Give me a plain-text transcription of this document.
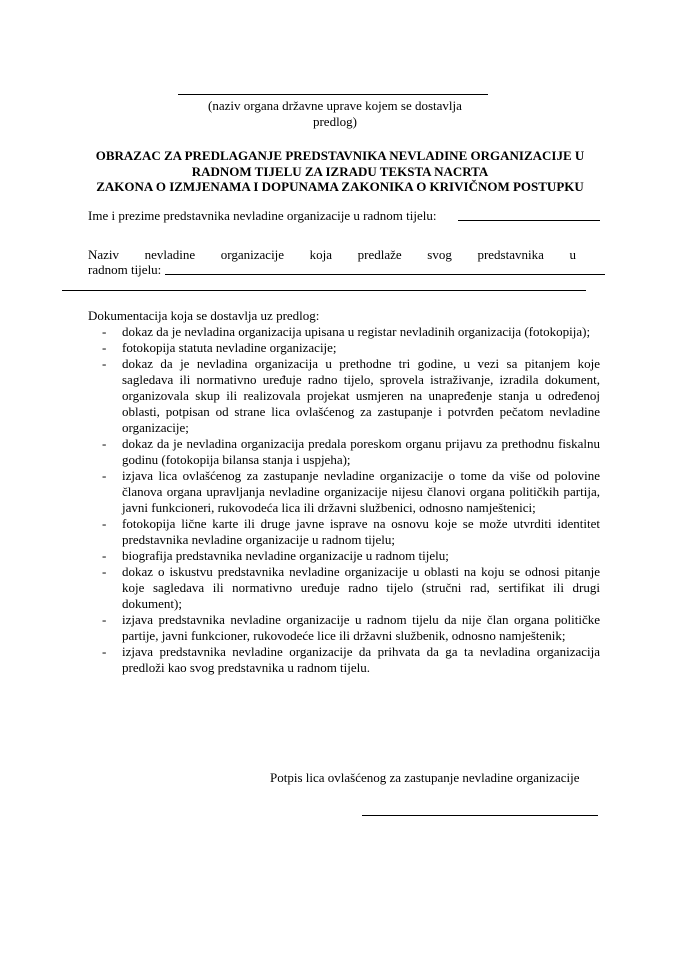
(naziv organa državne uprave kojem se dostavlja predlog)
OBRAZAC ZA PREDLAGANJE PREDSTAVNIKA NEVLADINE ORGANIZACIJE U
RADNOM TIJELU ZA IZRADU TEKSTA NACRTA
ZAKONA O IZMJENAMA I DOPUNAMA ZAKONIKA O KRIVIČNOM POSTUPKU
Ime i prezime predstavnika nevladine organizacije u radnom tijelu:
Naziv nevladine organizacije koja predlaže svog predstavnika u
radnom tijelu:
Dokumentacija koja se dostavlja uz predlog:
- dokaz da je nevladina organizacija upisana u registar nevladinih organizacija (fotokopija);
- fotokopija statuta nevladine organizacije;
- dokaz da je nevladina organizacija u prethodne tri godine, u vezi sa pitanjem koje sagledava ili normativno uređuje radno tijelo, sprovela istraživanje, izradila dokument, organizovala skup ili realizovala projekat usmjeren na unapređenje stanja u određenoj oblasti, potpisan od strane lica ovlašćenog za zastupanje i potvrđen pečatom nevladine organizacije;
- dokaz da je nevladina organizacija predala poreskom organu prijavu za prethodnu fiskalnu godinu (fotokopija bilansa stanja i uspjeha);
- izjava lica ovlašćenog za zastupanje nevladine organizacije o tome da više od polovine članova organa upravljanja nevladine organizacije nijesu članovi organa političkih partija, javni funkcioneri, rukovodeća lica ili državni službenici, odnosno namještenici;
- fotokopija lične karte ili druge javne isprave na osnovu koje se može utvrditi identitet predstavnika nevladine organizacije u radnom tijelu;
- biografija predstavnika nevladine organizacije u radnom tijelu;
- dokaz o iskustvu predstavnika nevladine organizacije u oblasti na koju se odnosi pitanje koje sagledava ili normativno uređuje radno tijelo (stručni rad, sertifikat ili drugi dokument);
- izjava predstavnika nevladine organizacije u radnom tijelu da nije član organa političke partije, javni funkcioner, rukovodeće lice ili državni službenik, odnosno namještenik;
- izjava predstavnika nevladine organizacije da prihvata da ga ta nevladina organizacija predloži kao svog predstavnika u radnom tijelu.
Potpis lica ovlašćenog za zastupanje nevladine organizacije
